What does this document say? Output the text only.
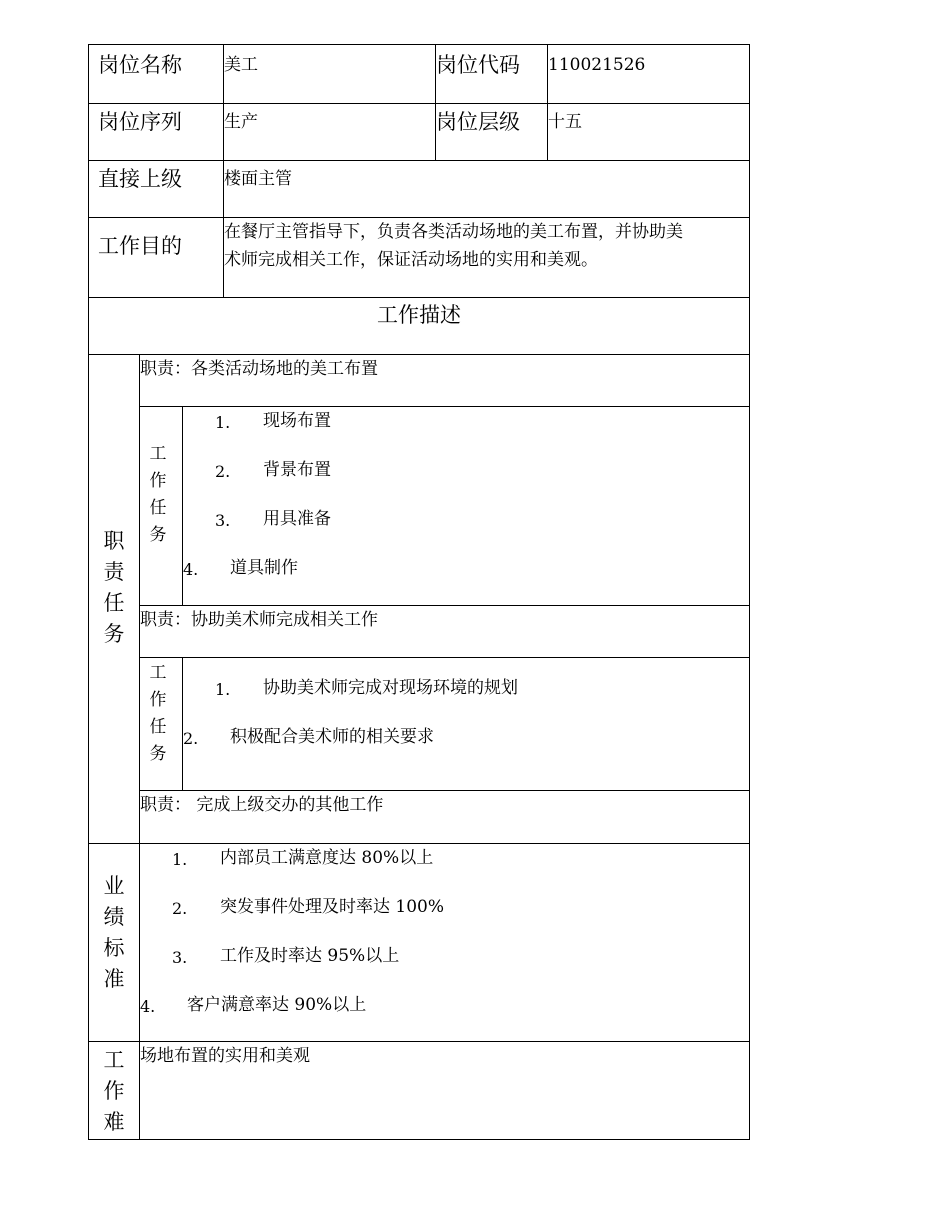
岗位名称 美工	岗位代码 110021526
岗位序列 生产	岗位层级 十五
直接上级 楼面主管
工作目的
在餐厅主管指导下，负责各类活动场地的美工布置，并协助美
术师完成相关工作，保证活动场地的实用和美观。
工作描述
职
责
任
务
职责：各类活动场地的美工布置
工
作
任
务
1. 现场布置
2. 背景布置
3. 用具准备
4. 道具制作
职责：协助美术师完成相关工作
工
作
任
务
1. 协助美术师完成对现场环境的规划
2. 积极配合美术师的相关要求
职责： 完成上级交办的其他工作
业
绩
标
准
1. 内部员工满意度达 80%以上
2. 突发事件处理及时率达 100%
3. 工作及时率达 95%以上
4. 客户满意率达 90%以上
工
作
难
场地布置的实用和美观
